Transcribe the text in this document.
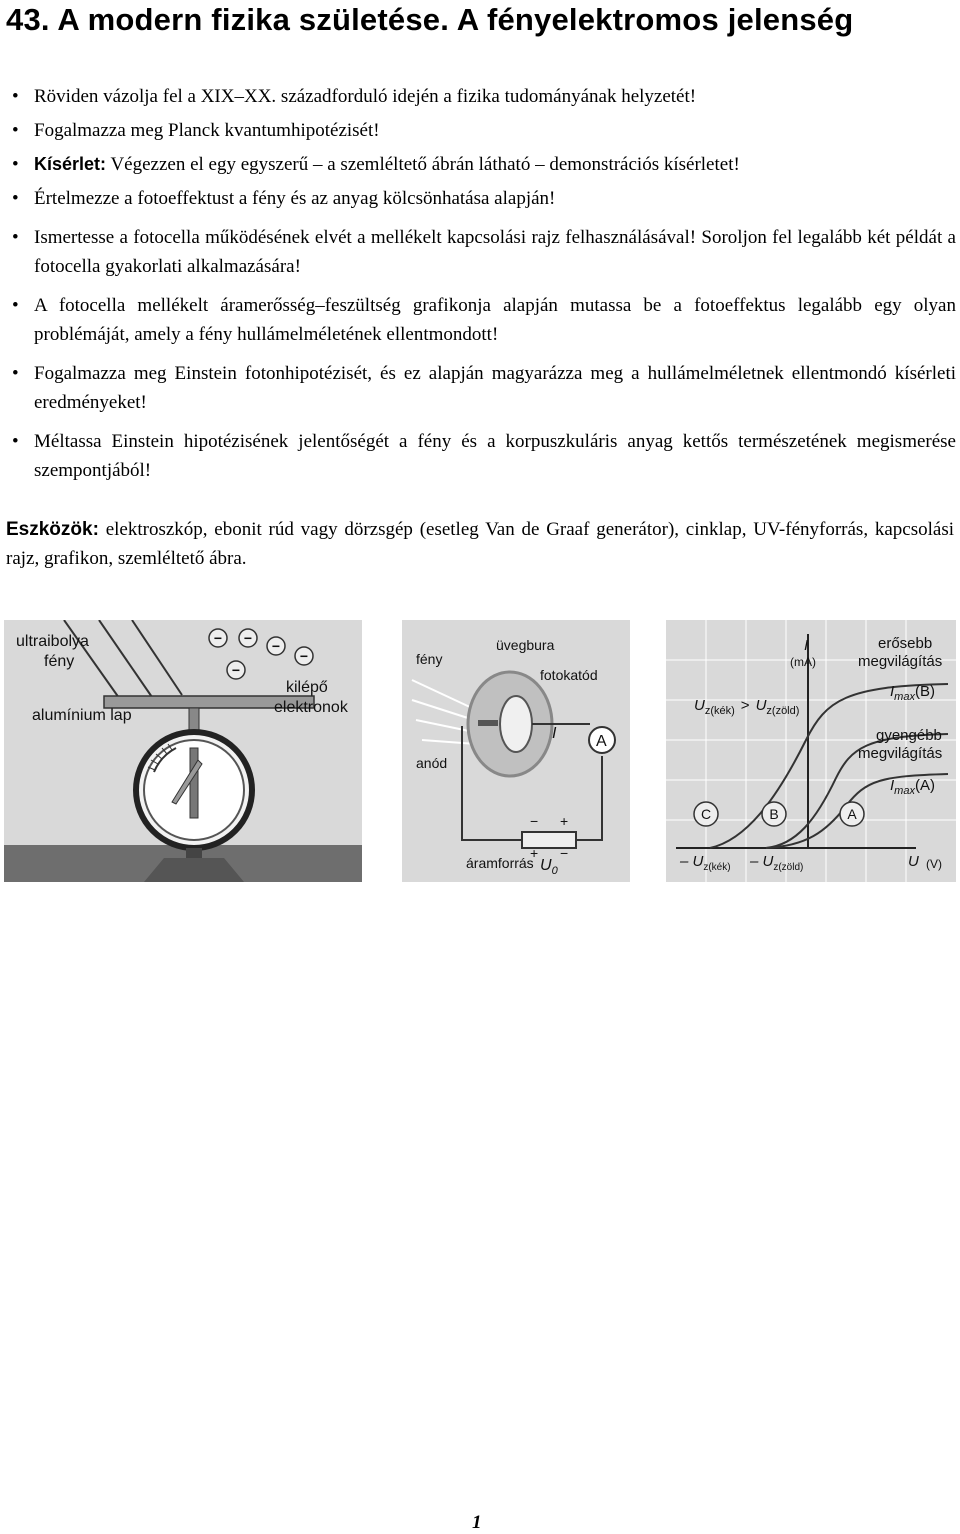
43. A modern fizika születése. A fényelektromos jelenség
• Röviden vázolja fel a XIX–XX. századforduló idején a fizika tudományának helyzetét!
• Fogalmazza meg Planck kvantumhipotézisét!
• Kísérlet: Végezzen el egy egyszerű – a szemléltető ábrán látható – demonstrációs kísérletet!
• Értelmezze a fotoeffektust a fény és az anyag kölcsönhatása alapján!
• Ismertesse a fotocella működésének elvét a mellékelt kapcsolási rajz felhasználásával! Soroljon fel legalább két példát a fotocella gyakorlati alkalmazására!
• A fotocella mellékelt áramerősség–feszültség grafikonja alapján mutassa be a fotoeffektus legalább egy olyan problémáját, amely a fény hullámelméletének ellentmondott!
• Fogalmazza meg Einstein fotonhipotézisét, és ez alapján magyarázza meg a hullámelméletnek ellentmondó kísérleti eredményeket!
• Méltassa Einstein hipotézisének jelentőségét a fény és a korpuszkuláris anyag kettős természetének megismerése szempontjából!
Eszközök: elektroszkóp, ebonit rúd vagy dörzsgép (esetleg Van de Graaf generátor), cinklap, UV-fényforrás, kapcsolási rajz, grafikon, szemléltető ábra.
− − −
−
−
ultraibolya
fény
alumínium lap
kilépő
elektronok
üvegbura
fény
fotokatód
I A
anód
− +
áramforrás
+ −
$U_0$
C	B	A
I
(mA)
erősebb
megvilágítás
$I_{max}(B)$
$U_{z(kék)} > U_{z(zöld)}$
gyengébb
megvilágítás
$I_{max}(A)$
– $U_{z(kék)} - U_{z(zöld)}$	U (V)
1
